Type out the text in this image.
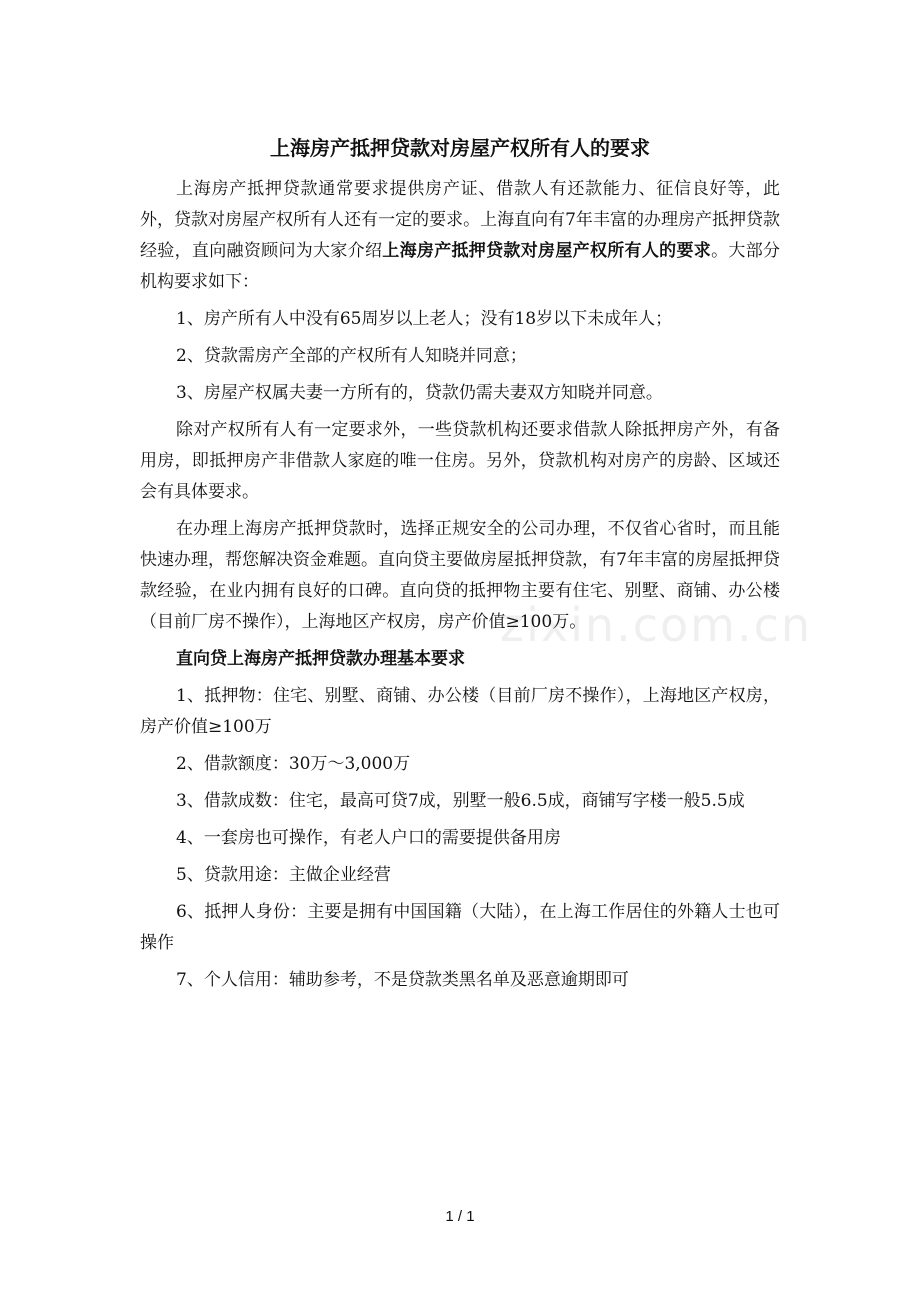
zixin.com.cn
上海房产抵押贷款对房屋产权所有人的要求

上海房产抵押贷款通常要求提供房产证、借款人有还款能力、征信良好等，此外，贷款对房屋产权所有人还有一定的要求。上海直向有7年丰富的办理房产抵押贷款经验，直向融资顾问为大家介绍上海房产抵押贷款对房屋产权所有人的要求。大部分机构要求如下：

1、房产所有人中没有65周岁以上老人；没有18岁以下未成年人；

2、贷款需房产全部的产权所有人知晓并同意；

3、房屋产权属夫妻一方所有的，贷款仍需夫妻双方知晓并同意。

除对产权所有人有一定要求外，一些贷款机构还要求借款人除抵押房产外，有备用房，即抵押房产非借款人家庭的唯一住房。另外，贷款机构对房产的房龄、区域还会有具体要求。

在办理上海房产抵押贷款时，选择正规安全的公司办理，不仅省心省时，而且能快速办理，帮您解决资金难题。直向贷主要做房屋抵押贷款，有7年丰富的房屋抵押贷款经验，在业内拥有良好的口碑。直向贷的抵押物主要有住宅、别墅、商铺、办公楼（目前厂房不操作），上海地区产权房，房产价值≥100万。

直向贷上海房产抵押贷款办理基本要求

1、抵押物：住宅、别墅、商铺、办公楼（目前厂房不操作），上海地区产权房，房产价值≥100万

2、借款额度：30万～3,000万

3、借款成数：住宅，最高可贷7成，别墅一般6.5成，商铺写字楼一般5.5成

4、一套房也可操作，有老人户口的需要提供备用房

5、贷款用途：主做企业经营

6、抵押人身份：主要是拥有中国国籍（大陆），在上海工作居住的外籍人士也可操作

7、个人信用：辅助参考，不是贷款类黑名单及恶意逾期即可

1 / 1
